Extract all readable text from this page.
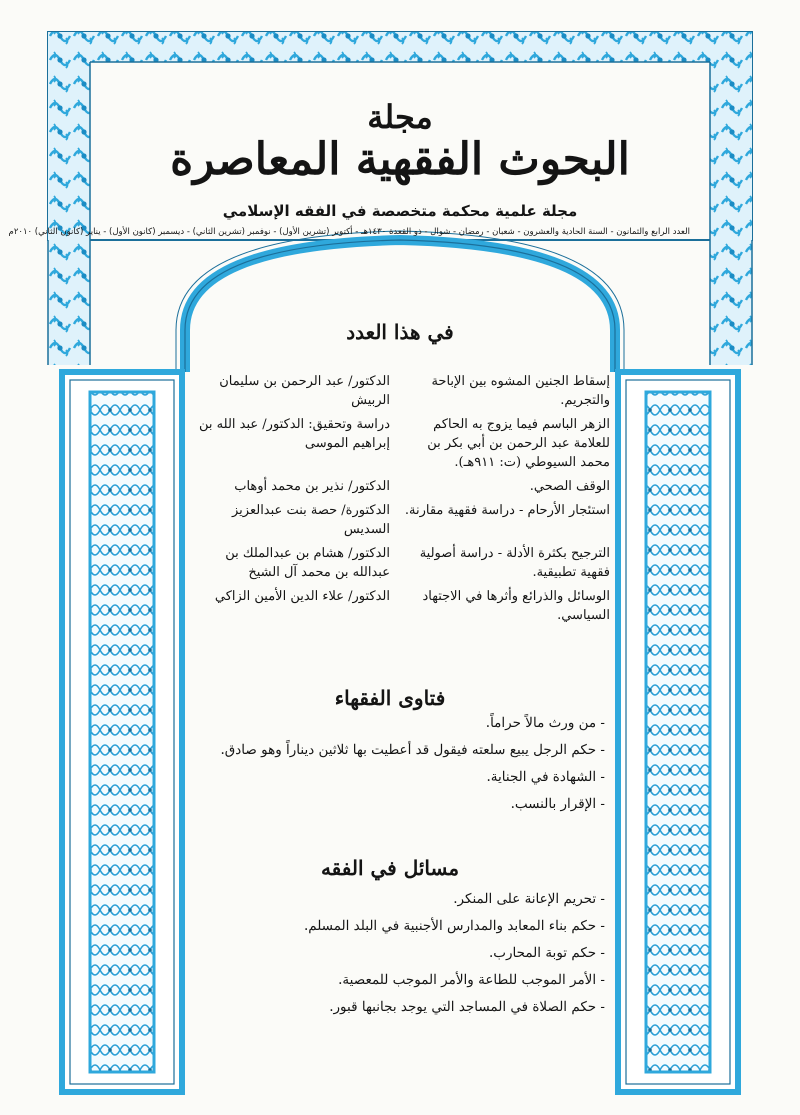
مجلة
البحوث الفقهية المعاصرة
مجلة علمية محكمة متخصصة في الفقه الإسلامي
العدد الرابع والثمانون - السنة الحادية والعشرون - شعبان - رمضان - شوال - ذو القعدة ١٤٣٠هـ - أكتوبر (تشرين الأول) - نوفمبر (تشرين الثاني) - ديسمبر (كانون الأول) - يناير (كانون الثاني) ٢٠١٠م
في هذا العدد
إسقاط الجنين المشوه بين الإباحة والتجريم.
الدكتور/ عبد الرحمن بن سليمان الربيش
الزهر الباسم فيما يزوج به الحاكم للعلامة عبد الرحمن بن أبي بكر بن محمد السيوطي (ت: ٩١١هـ).
دراسة وتحقيق: الدكتور/ عبد الله بن إبراهيم الموسى
الوقف الصحي.
الدكتور/ نذير بن محمد أوهاب
استئجار الأرحام - دراسة فقهية مقارنة.
الدكتورة/ حصة بنت عبدالعزيز السديس
الترجيح بكثرة الأدلة - دراسة أصولية فقهية تطبيقية.
الدكتور/ هشام بن عبدالملك بن عبدالله بن محمد آل الشيخ
الوسائل والذرائع وأثرها في الاجتهاد السياسي.
الدكتور/ علاء الدين الأمين الزاكي
فتاوى الفقهاء
- من ورث مالاً حراماً.
- حكم الرجل يبيع سلعته فيقول قد أعطيت بها ثلاثين ديناراً وهو صادق.
- الشهادة في الجناية.
- الإقرار بالنسب.
مسائل في الفقه
- تحريم الإعانة على المنكر.
- حكم بناء المعابد والمدارس الأجنبية في البلد المسلم.
- حكم توبة المحارب.
- الأمر الموجب للطاعة والأمر الموجب للمعصية.
- حكم الصلاة في المساجد التي يوجد بجانبها قبور.
